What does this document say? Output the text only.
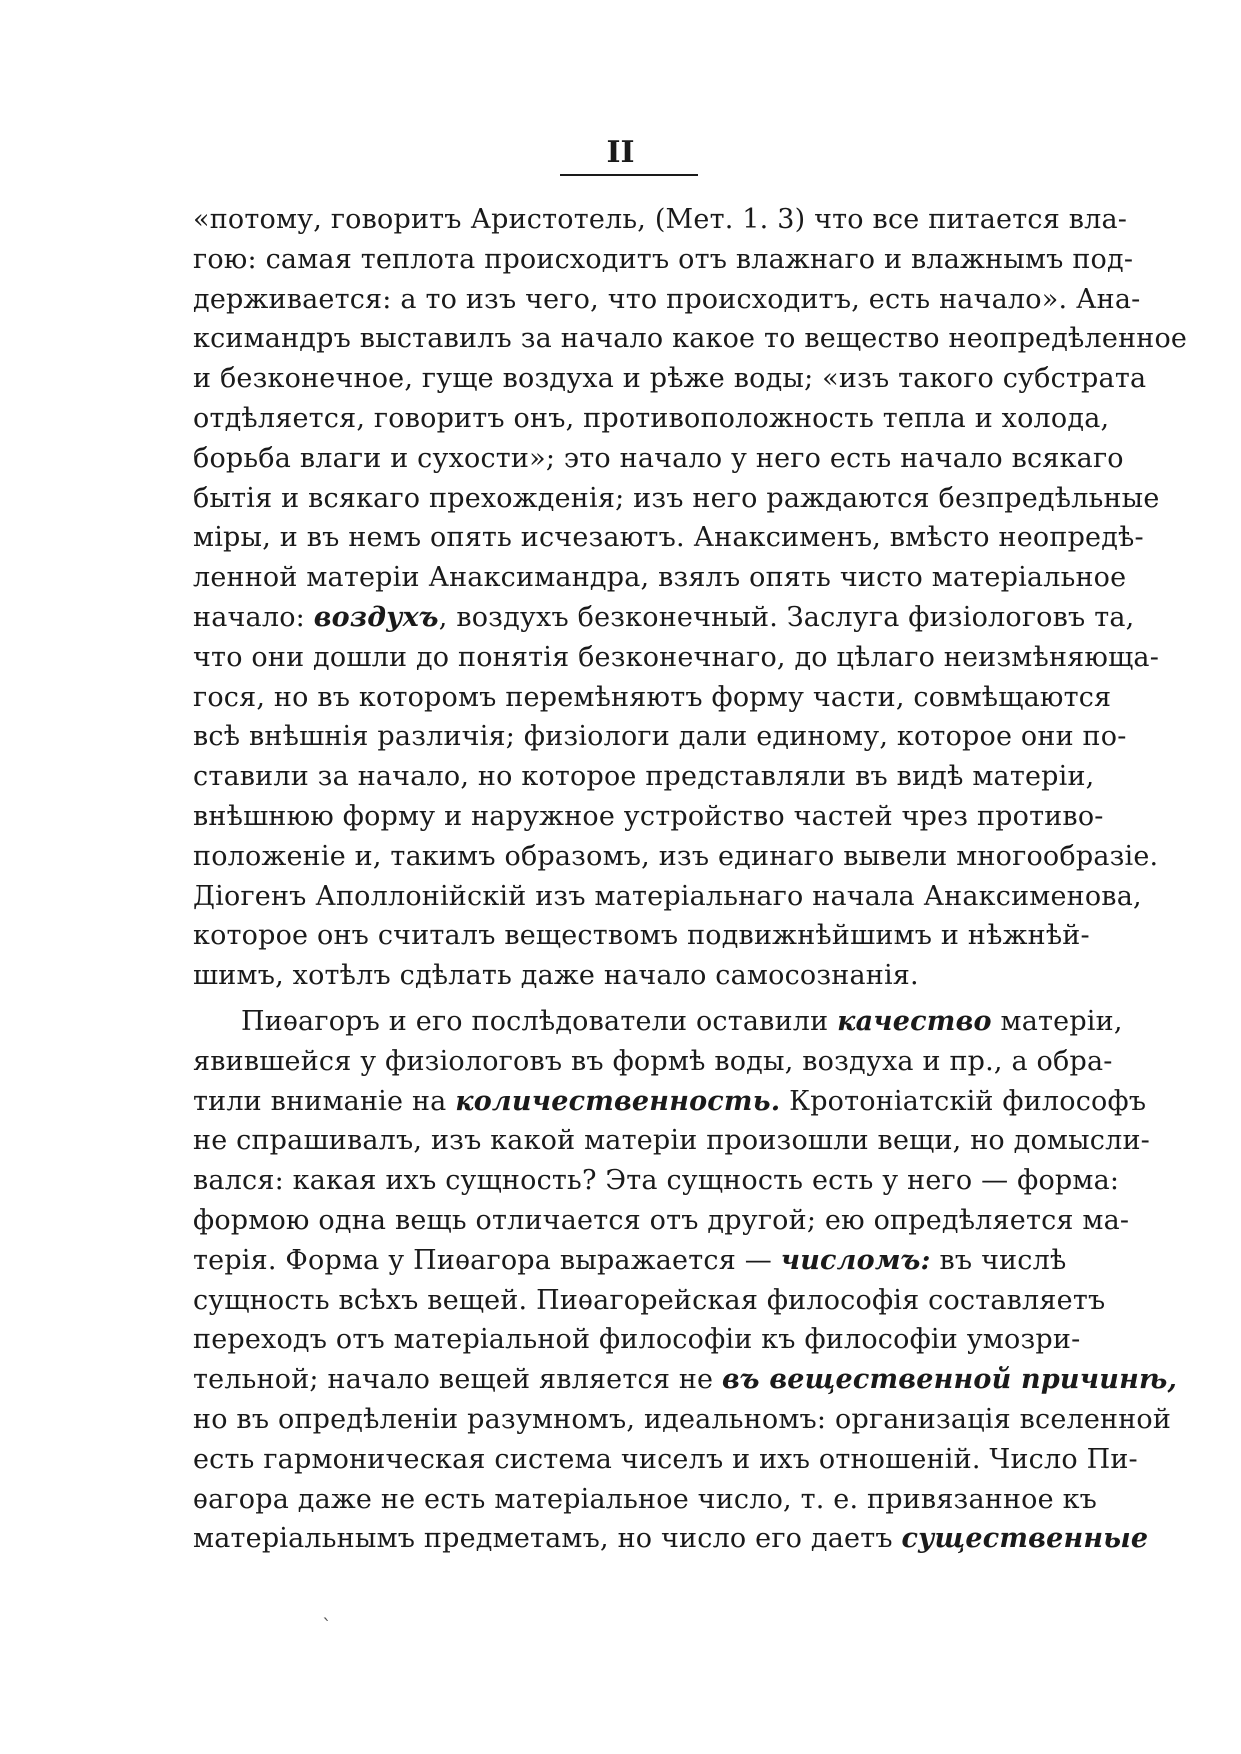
II
«потому, говоритъ Аристотель, (Мет. 1. 3) что все питается вла-
гою: самая теплота происходитъ отъ влажнаго и влажнымъ под-
держивается: а то изъ чего, что происходитъ, есть начало». Ана-
ксимандръ выставилъ за начало какое то вещество неопредѣленное
и безконечное, гуще воздуха и рѣже воды; «изъ такого субстрата
отдѣляется, говоритъ онъ, противоположность тепла и холода,
борьба влаги и сухости»; это начало у него есть начало всякаго
бытія и всякаго прехожденія; изъ него раждаются безпредѣльные
міры, и въ немъ опять исчезаютъ. Анаксименъ, вмѣсто неопредѣ-
ленной матеріи Анаксимандра, взялъ опять чисто матеріальное
начало: воздухъ, воздухъ безконечный. Заслуга физіологовъ та,
что они дошли до понятія безконечнаго, до цѣлаго неизмѣняюща-
гося, но въ которомъ перемѣняютъ форму части, совмѣщаются
всѣ внѣшнія различія; физіологи дали единому, которое они по-
ставили за начало, но которое представляли въ видѣ матеріи,
внѣшнюю форму и наружное устройство частей чрез противо-
положеніе и, такимъ образомъ, изъ единаго вывели многообразіе.
Діогенъ Аполлонійскій изъ матеріальнаго начала Анаксименова,
которое онъ считалъ веществомъ подвижнѣйшимъ и нѣжнѣй-
шимъ, хотѣлъ сдѣлать даже начало самосознанія.
Пиѳагоръ и его послѣдователи оставили качество матеріи,
явившейся у физіологовъ въ формѣ воды, воздуха и пр., а обра-
тили вниманіе на количественность. Кротоніатскій философъ
не спрашивалъ, изъ какой матеріи произошли вещи, но домысли-
вался: какая ихъ сущность? Эта сущность есть у него — форма:
формою одна вещь отличается отъ другой; ею опредѣляется ма-
терія. Форма у Пиѳагора выражается — числомъ: въ числѣ
сущность всѣхъ вещей. Пиѳагорейская философія составляетъ
переходъ отъ матеріальной философіи къ философіи умозри-
тельной; начало вещей является не въ вещественной причинѣ,
но въ опредѣленіи разумномъ, идеальномъ: организація вселенной
есть гармоническая система чиселъ и ихъ отношеній. Число Пи-
ѳагора даже не есть матеріальное число, т. е. привязанное къ
матеріальнымъ предметамъ, но число его даетъ существенные
`
